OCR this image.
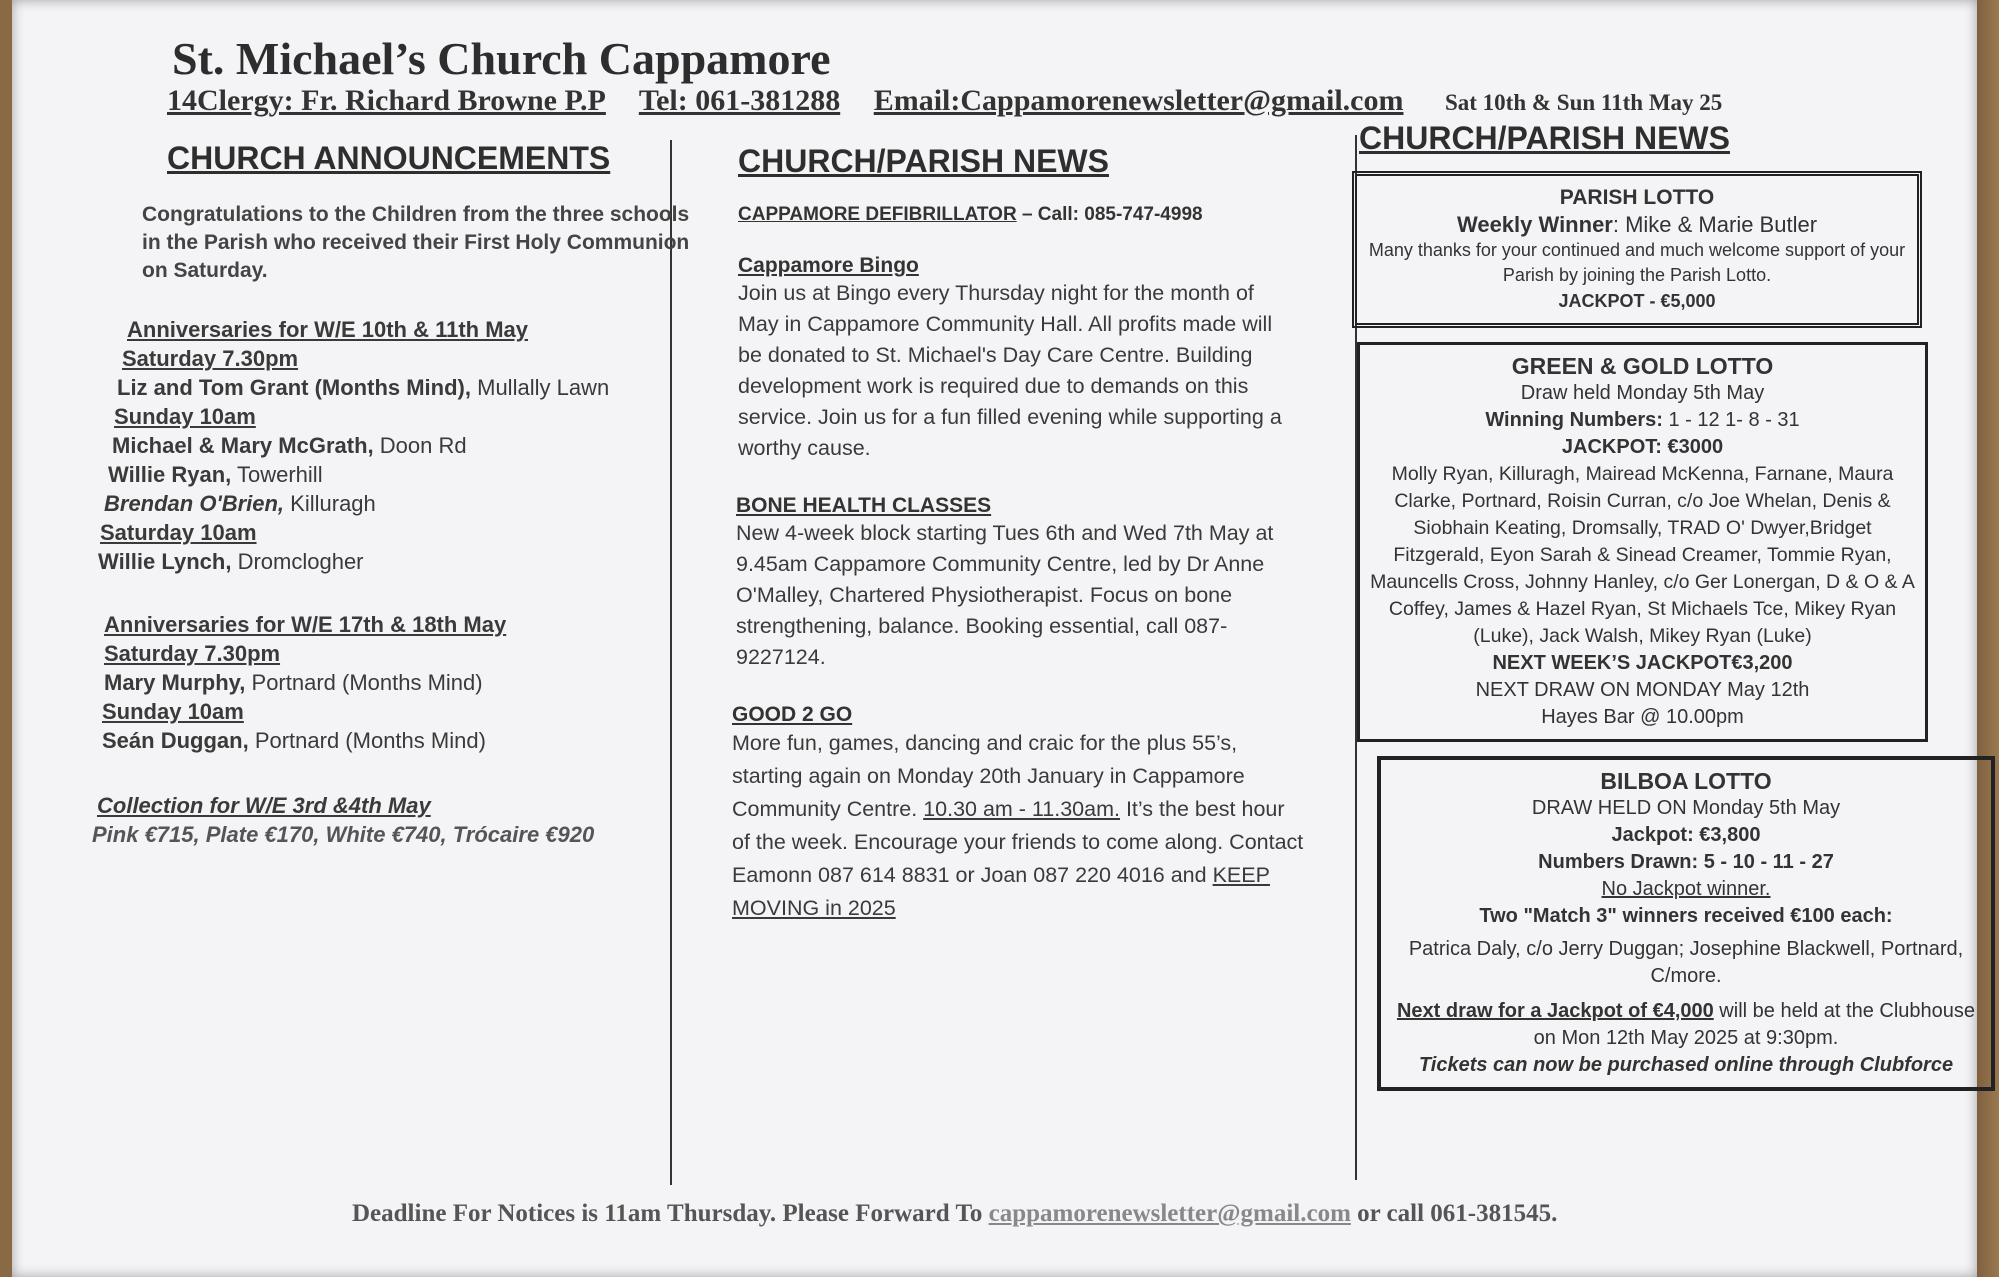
St. Michael’s Church Cappamore
14Clergy: Fr. Richard Browne P.P Tel: 061-381288 Email:Cappamorenewsletter@gmail.com Sat 10th & Sun 11th May 25
CHURCH ANNOUNCEMENTS
Congratulations to the Children from the three schools in the Parish who received their First Holy Communion on Saturday.
Anniversaries for W/E 10th & 11th May
Saturday 7.30pm
Liz and Tom Grant (Months Mind), Mullally Lawn
Sunday 10am
Michael & Mary McGrath, Doon Rd
Willie Ryan, Towerhill
Brendan O'Brien, Killuragh
Saturday 10am
Willie Lynch, Dromclogher
Anniversaries for W/E 17th & 18th May
Saturday 7.30pm
Mary Murphy, Portnard (Months Mind)
Sunday 10am
Seán Duggan, Portnard (Months Mind)
Collection for W/E 3rd &4th May
Pink €715, Plate €170, White €740, Trócaire €920
CHURCH/PARISH NEWS
CAPPAMORE DEFIBRILLATOR – Call: 085-747-4998
Cappamore Bingo
Join us at Bingo every Thursday night for the month of May in Cappamore Community Hall. All profits made will be donated to St. Michael's Day Care Centre. Building development work is required due to demands on this service. Join us for a fun filled evening while supporting a worthy cause.
BONE HEALTH CLASSES
New 4-week block starting Tues 6th and Wed 7th May at 9.45am Cappamore Community Centre, led by Dr Anne O'Malley, Chartered Physiotherapist. Focus on bone strengthening, balance. Booking essential, call 087-9227124.
GOOD 2 GO
More fun, games, dancing and craic for the plus 55’s, starting again on Monday 20th January in Cappamore Community Centre. 10.30 am - 11.30am. It’s the best hour of the week. Encourage your friends to come along. Contact Eamonn 087 614 8831 or Joan 087 220 4016 and KEEP MOVING in 2025
CHURCH/PARISH NEWS
PARISH LOTTO
Weekly Winner: Mike & Marie Butler
Many thanks for your continued and much welcome support of your Parish by joining the Parish Lotto.
JACKPOT - €5,000
GREEN & GOLD LOTTO
Draw held Monday 5th May
Winning Numbers: 1 - 12 1- 8 - 31
JACKPOT: €3000
Molly Ryan, Killuragh, Mairead McKenna, Farnane, Maura Clarke, Portnard, Roisin Curran, c/o Joe Whelan, Denis & Siobhain Keating, Dromsally, TRAD O' Dwyer,Bridget Fitzgerald, Eyon Sarah & Sinead Creamer, Tommie Ryan, Mauncells Cross, Johnny Hanley, c/o Ger Lonergan, D & O & A Coffey, James & Hazel Ryan, St Michaels Tce, Mikey Ryan (Luke), Jack Walsh, Mikey Ryan (Luke)
NEXT WEEK’S JACKPOT€3,200
NEXT DRAW ON MONDAY May 12th
Hayes Bar @ 10.00pm
BILBOA LOTTO
DRAW HELD ON Monday 5th May
Jackpot: €3,800
Numbers Drawn: 5 - 10 - 11 - 27
No Jackpot winner.
Two "Match 3" winners received €100 each:
Patrica Daly, c/o Jerry Duggan; Josephine Blackwell, Portnard, C/more.
Next draw for a Jackpot of €4,000 will be held at the Clubhouse on Mon 12th May 2025 at 9:30pm.
Tickets can now be purchased online through Clubforce
Deadline For Notices is 11am Thursday. Please Forward To cappamorenewsletter@gmail.com or call 061-381545.
